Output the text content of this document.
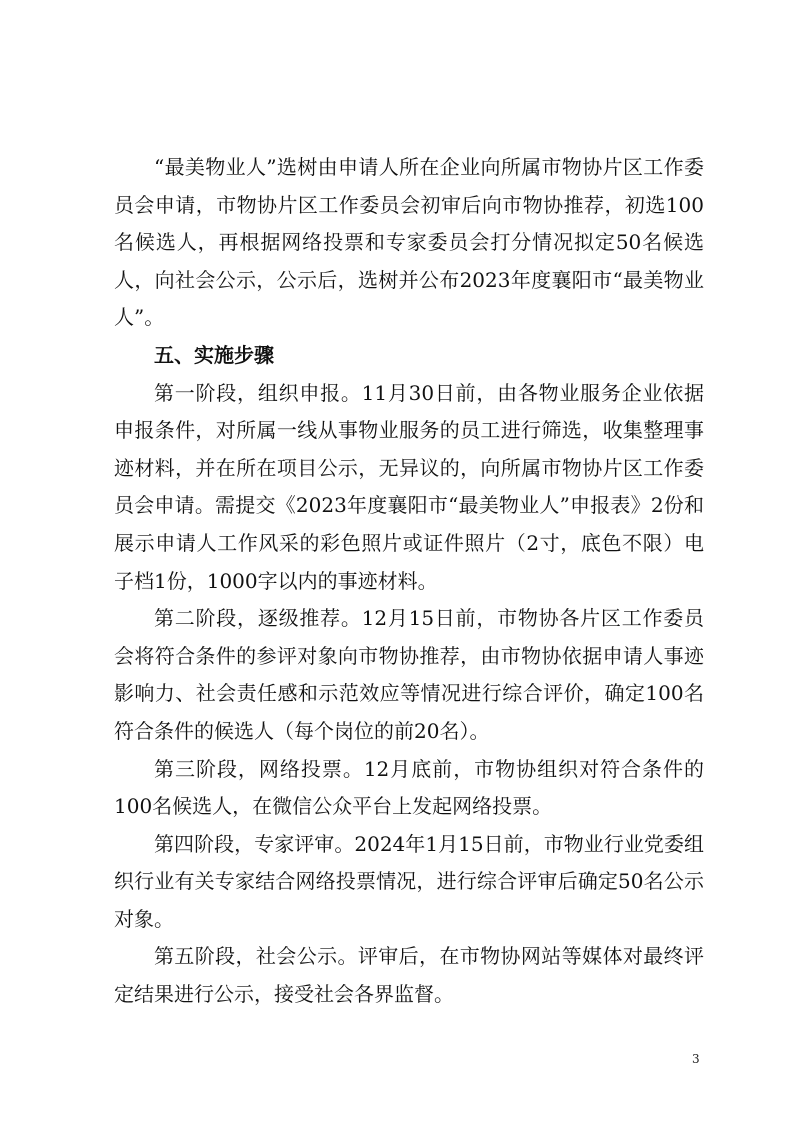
“最美物业人”选树由申请人所在企业向所属市物协片区工作委员会申请，市物协片区工作委员会初审后向市物协推荐，初选100名候选人，再根据网络投票和专家委员会打分情况拟定50名候选人，向社会公示，公示后，选树并公布2023年度襄阳市“最美物业人”。

五、实施步骤

第一阶段，组织申报。11月30日前，由各物业服务企业依据申报条件，对所属一线从事物业服务的员工进行筛选，收集整理事迹材料，并在所在项目公示，无异议的，向所属市物协片区工作委员会申请。需提交《2023年度襄阳市“最美物业人”申报表》2份和展示申请人工作风采的彩色照片或证件照片（2寸，底色不限）电子档1份，1000字以内的事迹材料。

第二阶段，逐级推荐。12月15日前，市物协各片区工作委员会将符合条件的参评对象向市物协推荐，由市物协依据申请人事迹影响力、社会责任感和示范效应等情况进行综合评价，确定100名符合条件的候选人（每个岗位的前20名）。

第三阶段，网络投票。12月底前，市物协组织对符合条件的100名候选人，在微信公众平台上发起网络投票。

第四阶段，专家评审。2024年1月15日前，市物业行业党委组织行业有关专家结合网络投票情况，进行综合评审后确定50名公示对象。

第五阶段，社会公示。评审后，在市物协网站等媒体对最终评定结果进行公示，接受社会各界监督。

3
